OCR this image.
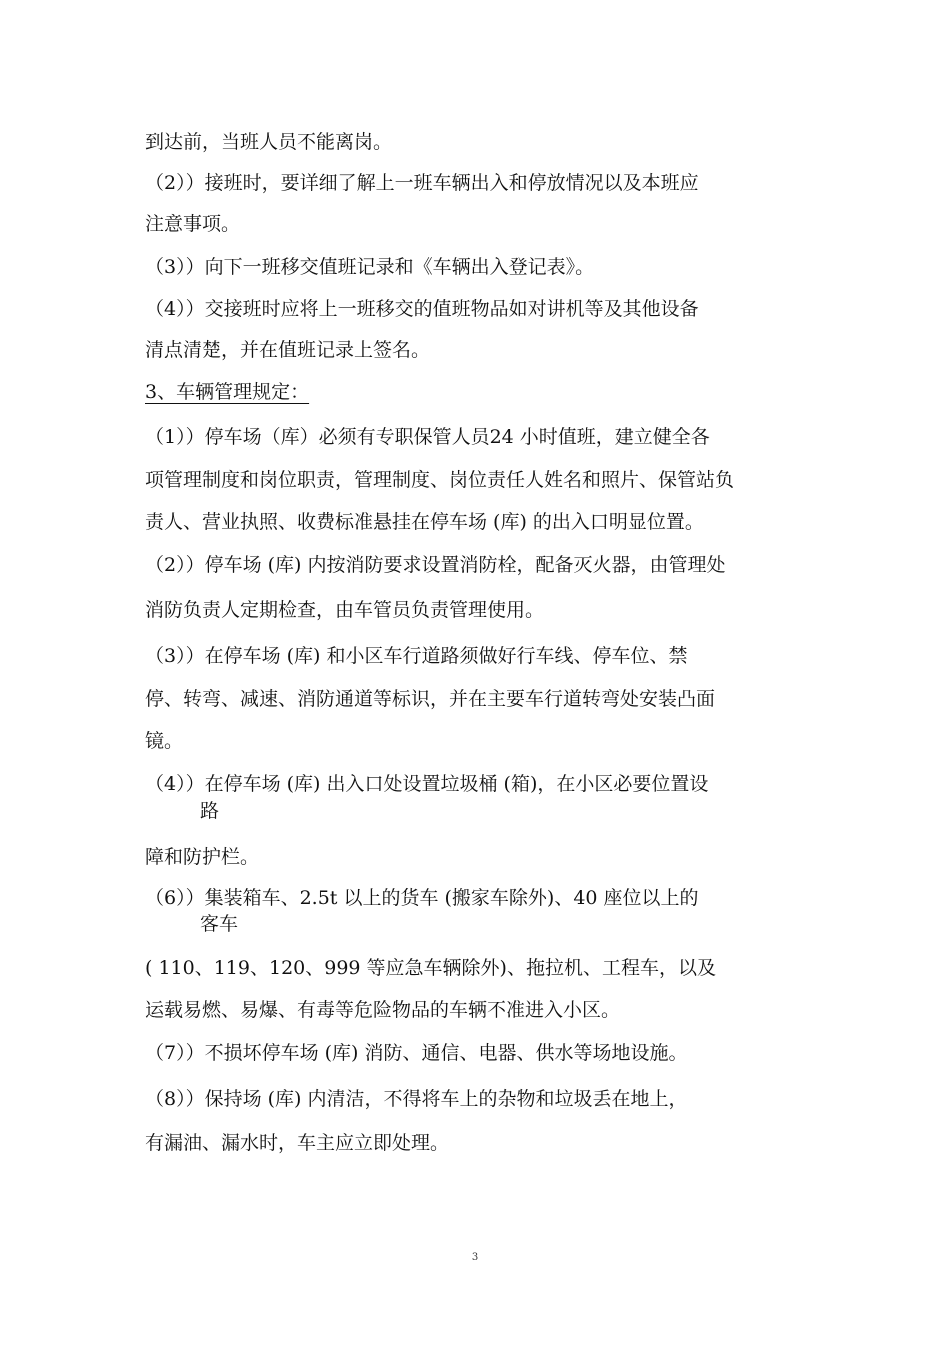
到达前，当班人员不能离岗。
（2））接班时，要详细了解上一班车辆出入和停放情况以及本班应
注意事项。
（3））向下一班移交值班记录和《车辆出入登记表》。
（4））交接班时应将上一班移交的值班物品如对讲机等及其他设备
清点清楚，并在值班记录上签名。
3、车辆管理规定：
（1））停车场（库）必须有专职保管人员24 小时值班，建立健全各
项管理制度和岗位职责，管理制度、岗位责任人姓名和照片、保管站负
责人、营业执照、收费标准悬挂在停车场 (库) 的出入口明显位置。
（2））停车场 (库) 内按消防要求设置消防栓，配备灭火器，由管理处
消防负责人定期检查，由车管员负责管理使用。
（3））在停车场 (库) 和小区车行道路须做好行车线、停车位、禁
停、转弯、减速、消防通道等标识，并在主要车行道转弯处安装凸面
镜。
（4））在停车场 (库) 出入口处设置垃圾桶 (箱)，在小区必要位置设
路
障和防护栏。
（6））集装箱车、2.5t 以上的货车 (搬家车除外)、40 座位以上的
客车
( 110、119、120、999 等应急车辆除外)、拖拉机、工程车，以及
运载易燃、易爆、有毒等危险物品的车辆不准进入小区。
（7））不损坏停车场 (库) 消防、通信、电器、供水等场地设施。
（8））保持场 (库) 内清洁，不得将车上的杂物和垃圾丢在地上，
有漏油、漏水时，车主应立即处理。
3
